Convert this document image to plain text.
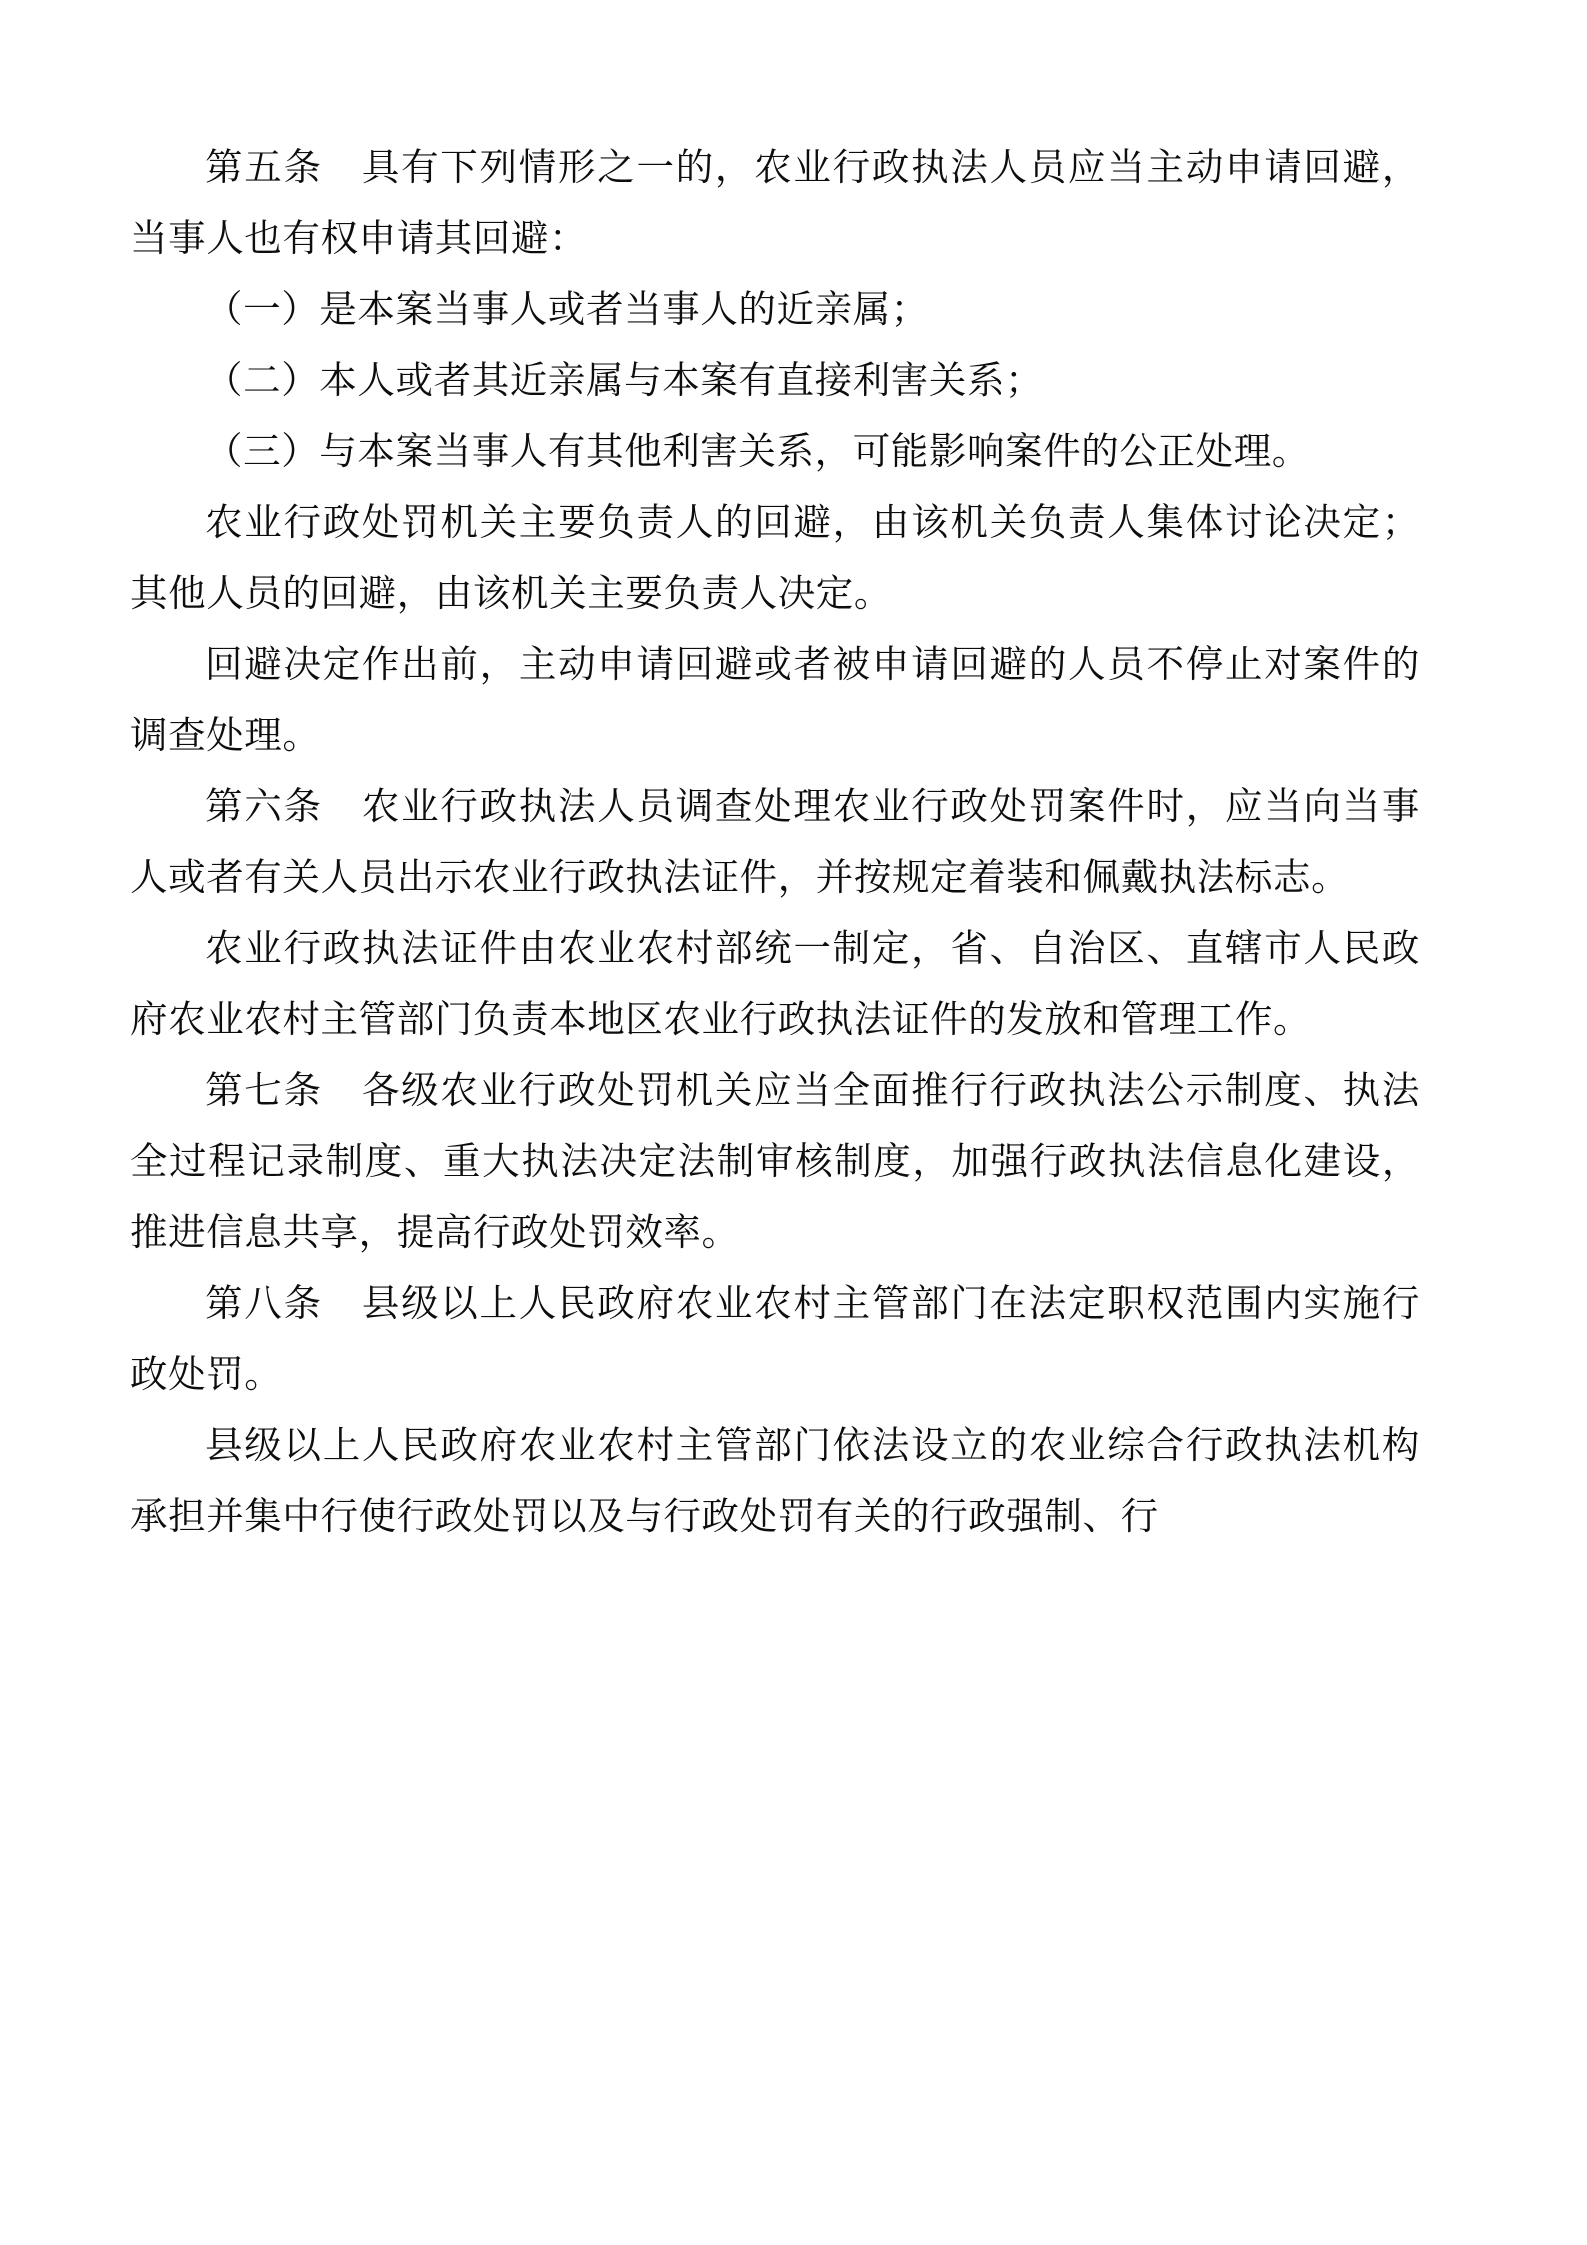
第五条 具有下列情形之一的，农业行政执法人员应当主动申请回避，当事人也有权申请其回避：

（一）是本案当事人或者当事人的近亲属；

（二）本人或者其近亲属与本案有直接利害关系；

（三）与本案当事人有其他利害关系，可能影响案件的公正处理。

农业行政处罚机关主要负责人的回避，由该机关负责人集体讨论决定；其他人员的回避，由该机关主要负责人决定。

回避决定作出前，主动申请回避或者被申请回避的人员不停止对案件的调查处理。

第六条 农业行政执法人员调查处理农业行政处罚案件时，应当向当事人或者有关人员出示农业行政执法证件，并按规定着装和佩戴执法标志。

农业行政执法证件由农业农村部统一制定，省、自治区、直辖市人民政府农业农村主管部门负责本地区农业行政执法证件的发放和管理工作。

第七条 各级农业行政处罚机关应当全面推行行政执法公示制度、执法全过程记录制度、重大执法决定法制审核制度，加强行政执法信息化建设，推进信息共享，提高行政处罚效率。

第八条 县级以上人民政府农业农村主管部门在法定职权范围内实施行政处罚。

县级以上人民政府农业农村主管部门依法设立的农业综合行政执法机构承担并集中行使行政处罚以及与行政处罚有关的行政强制、行
